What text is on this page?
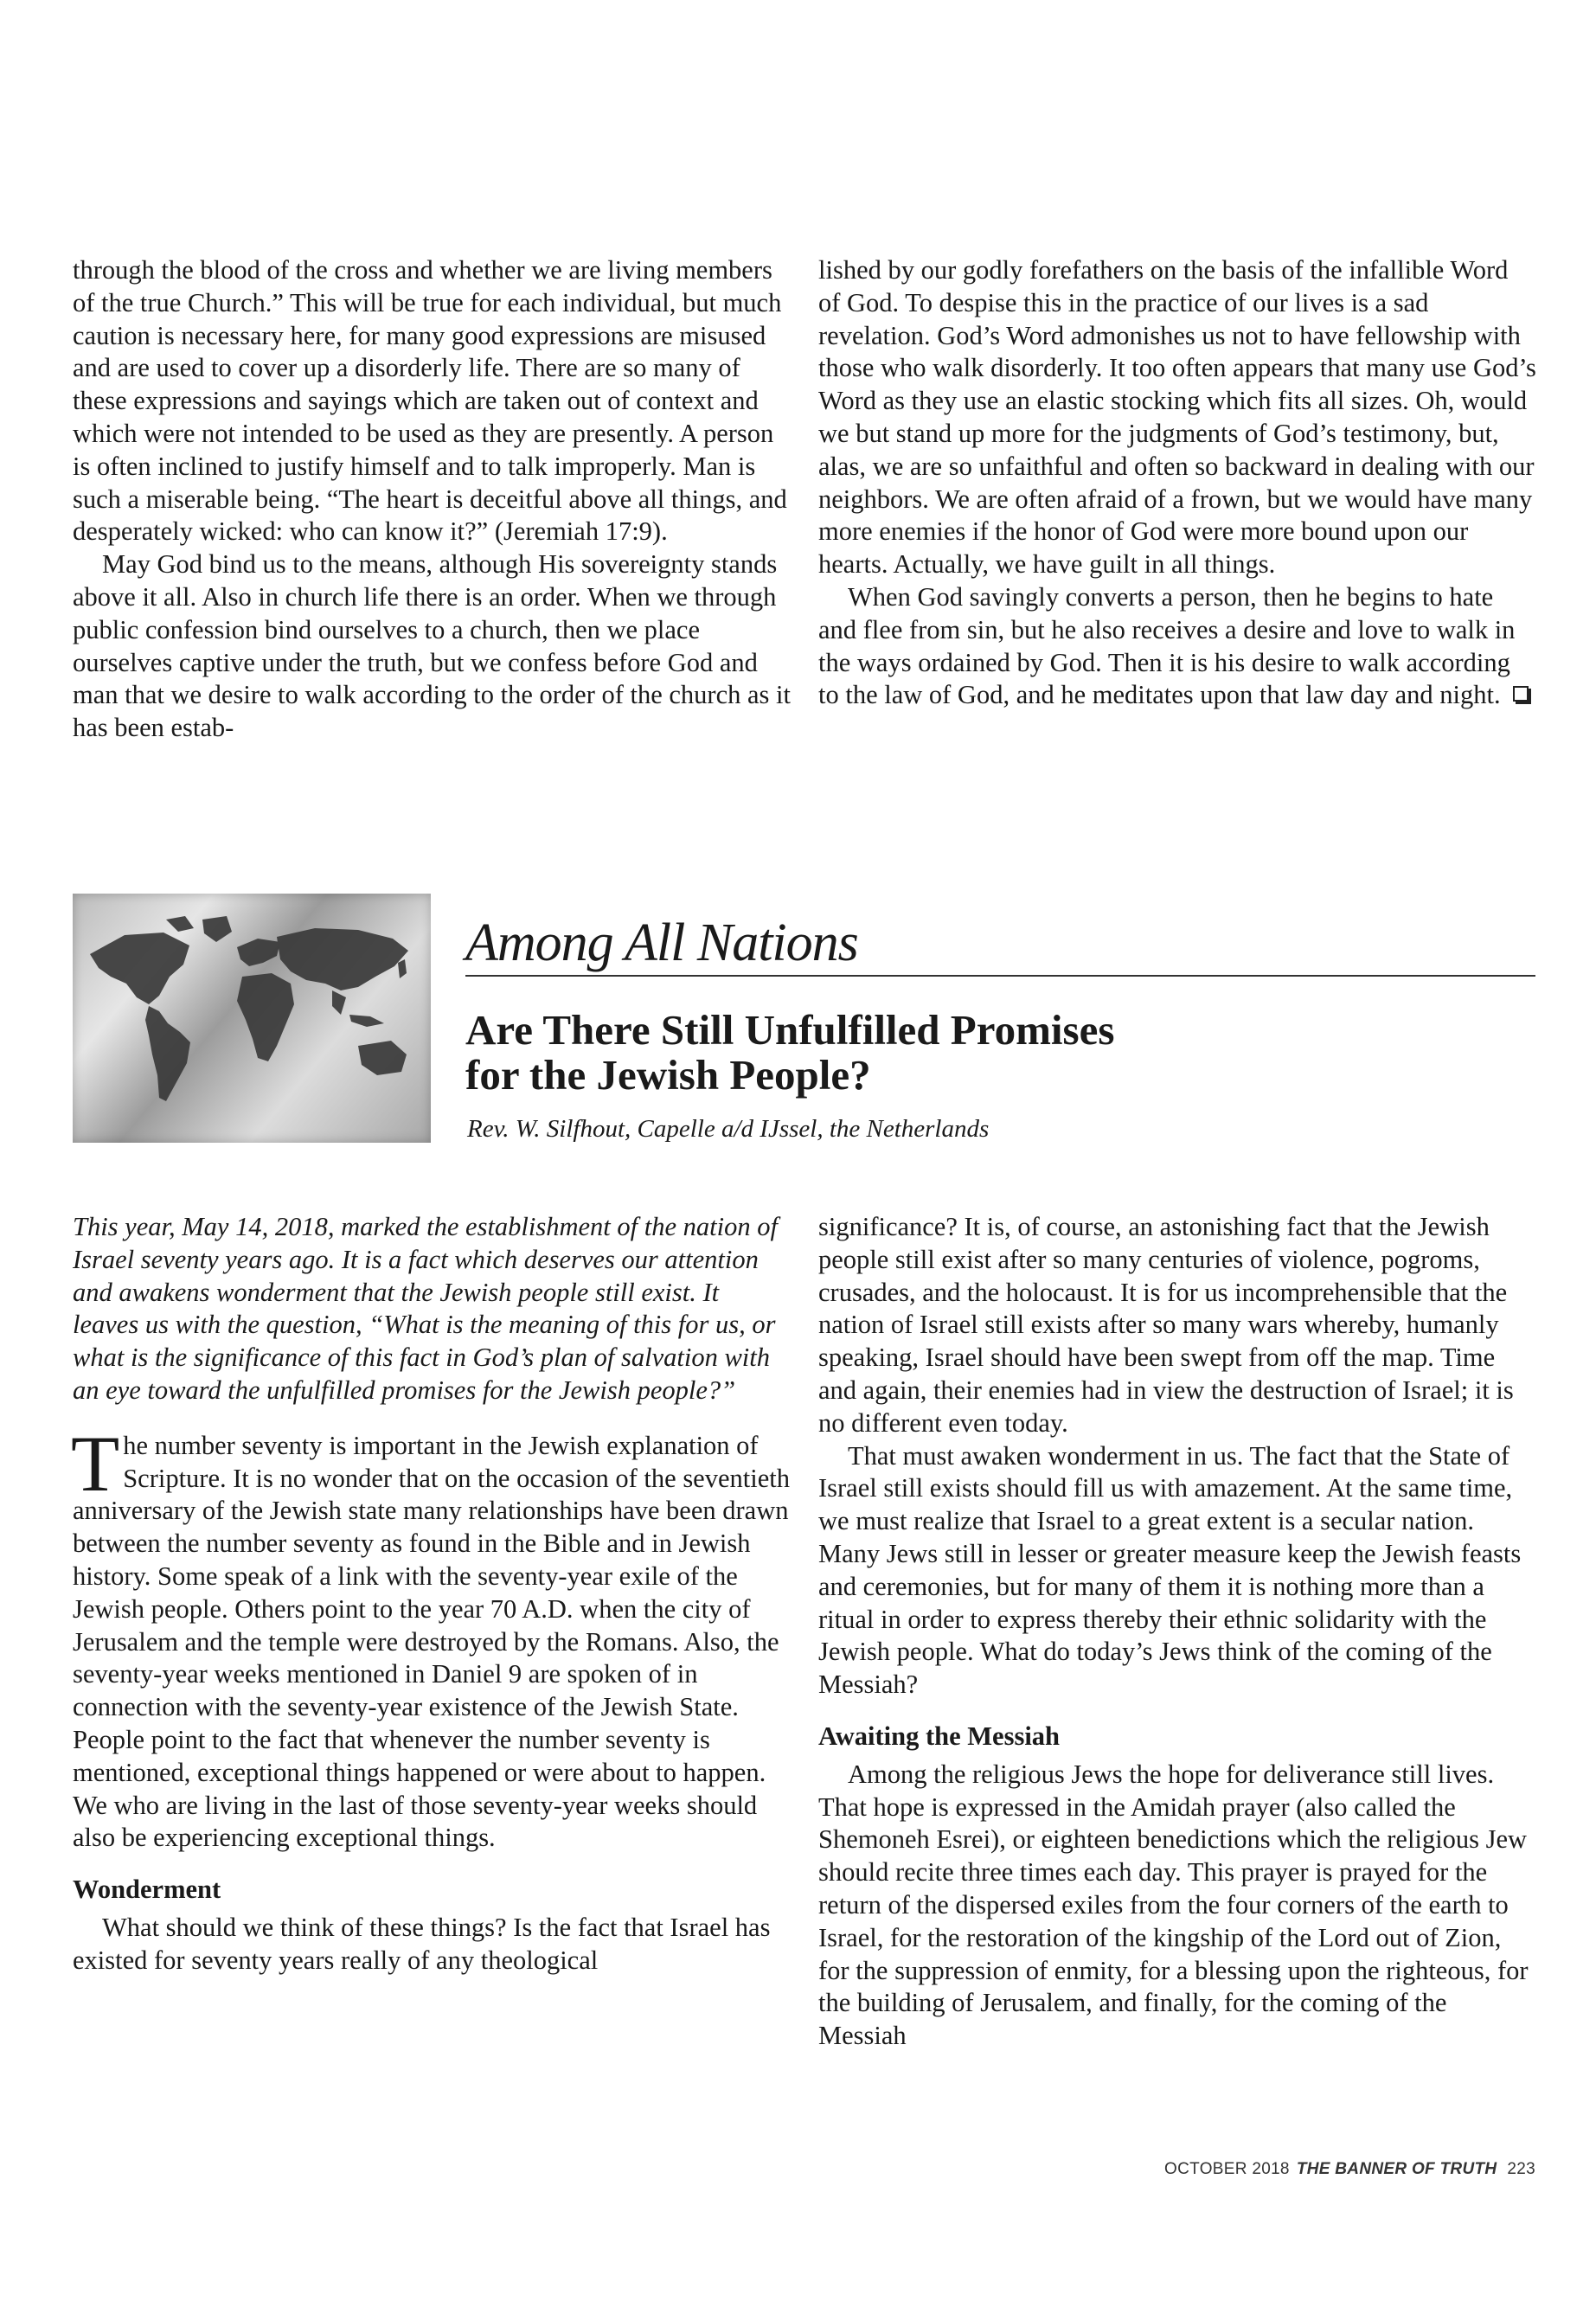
through the blood of the cross and whether we are living members of the true Church.” This will be true for each individual, but much caution is necessary here, for many good expressions are misused and are used to cover up a disorderly life. There are so many of these expressions and sayings which are taken out of context and which were not intended to be used as they are presently. A person is often inclined to justify himself and to talk improperly. Man is such a miserable being. “The heart is deceitful above all things, and desperately wicked: who can know it?” (Jeremiah 17:9).

May God bind us to the means, although His sovereignty stands above it all. Also in church life there is an order. When we through public confession bind ourselves to a church, then we place ourselves captive under the truth, but we confess before God and man that we desire to walk according to the order of the church as it has been estab-

lished by our godly forefathers on the basis of the infallible Word of God. To despise this in the practice of our lives is a sad revelation. God’s Word admonishes us not to have fellowship with those who walk disorderly. It too often appears that many use God’s Word as they use an elastic stocking which fits all sizes. Oh, would we but stand up more for the judgments of God’s testimony, but, alas, we are so unfaithful and often so backward in dealing with our neighbors. We are often afraid of a frown, but we would have many more enemies if the honor of God were more bound upon our hearts. Actually, we have guilt in all things.

When God savingly converts a person, then he begins to hate and flee from sin, but he also receives a desire and love to walk in the ways ordained by God. Then it is his desire to walk according to the law of God, and he meditates upon that law day and night.

Among All Nations
Are There Still Unfulfilled Promises
for the Jewish People?
Rev. W. Silfhout, Capelle a/d IJssel, the Netherlands

This year, May 14, 2018, marked the establishment of the nation of Israel seventy years ago. It is a fact which deserves our attention and awakens wonderment that the Jewish people still exist. It leaves us with the question, “What is the meaning of this for us, or what is the significance of this fact in God’s plan of salvation with an eye toward the unfulfilled promises for the Jewish people?”

The number seventy is important in the Jewish explanation of Scripture. It is no wonder that on the occasion of the seventieth anniversary of the Jewish state many relationships have been drawn between the number seventy as found in the Bible and in Jewish history. Some speak of a link with the seventy-year exile of the Jewish people. Others point to the year 70 A.D. when the city of Jerusalem and the temple were destroyed by the Romans. Also, the seventy-year weeks mentioned in Daniel 9 are spoken of in connection with the seventy-year existence of the Jewish State. People point to the fact that whenever the number seventy is mentioned, exceptional things happened or were about to happen. We who are living in the last of those seventy-year weeks should also be experiencing exceptional things.

Wonderment

What should we think of these things? Is the fact that Israel has existed for seventy years really of any theological

significance? It is, of course, an astonishing fact that the Jewish people still exist after so many centuries of violence, pogroms, crusades, and the holocaust. It is for us incomprehensible that the nation of Israel still exists after so many wars whereby, humanly speaking, Israel should have been swept from off the map. Time and again, their enemies had in view the destruction of Israel; it is no different even today.

That must awaken wonderment in us. The fact that the State of Israel still exists should fill us with amazement. At the same time, we must realize that Israel to a great extent is a secular nation. Many Jews still in lesser or greater measure keep the Jewish feasts and ceremonies, but for many of them it is nothing more than a ritual in order to express thereby their ethnic solidarity with the Jewish people. What do today’s Jews think of the coming of the Messiah?

Awaiting the Messiah

Among the religious Jews the hope for deliverance still lives. That hope is expressed in the Amidah prayer (also called the Shemoneh Esrei), or eighteen benedictions which the religious Jew should recite three times each day. This prayer is prayed for the return of the dispersed exiles from the four corners of the earth to Israel, for the restoration of the kingship of the Lord out of Zion, for the suppression of enmity, for a blessing upon the righteous, for the building of Jerusalem, and finally, for the coming of the Messiah

OCTOBER 2018 THE BANNER OF TRUTH 223
